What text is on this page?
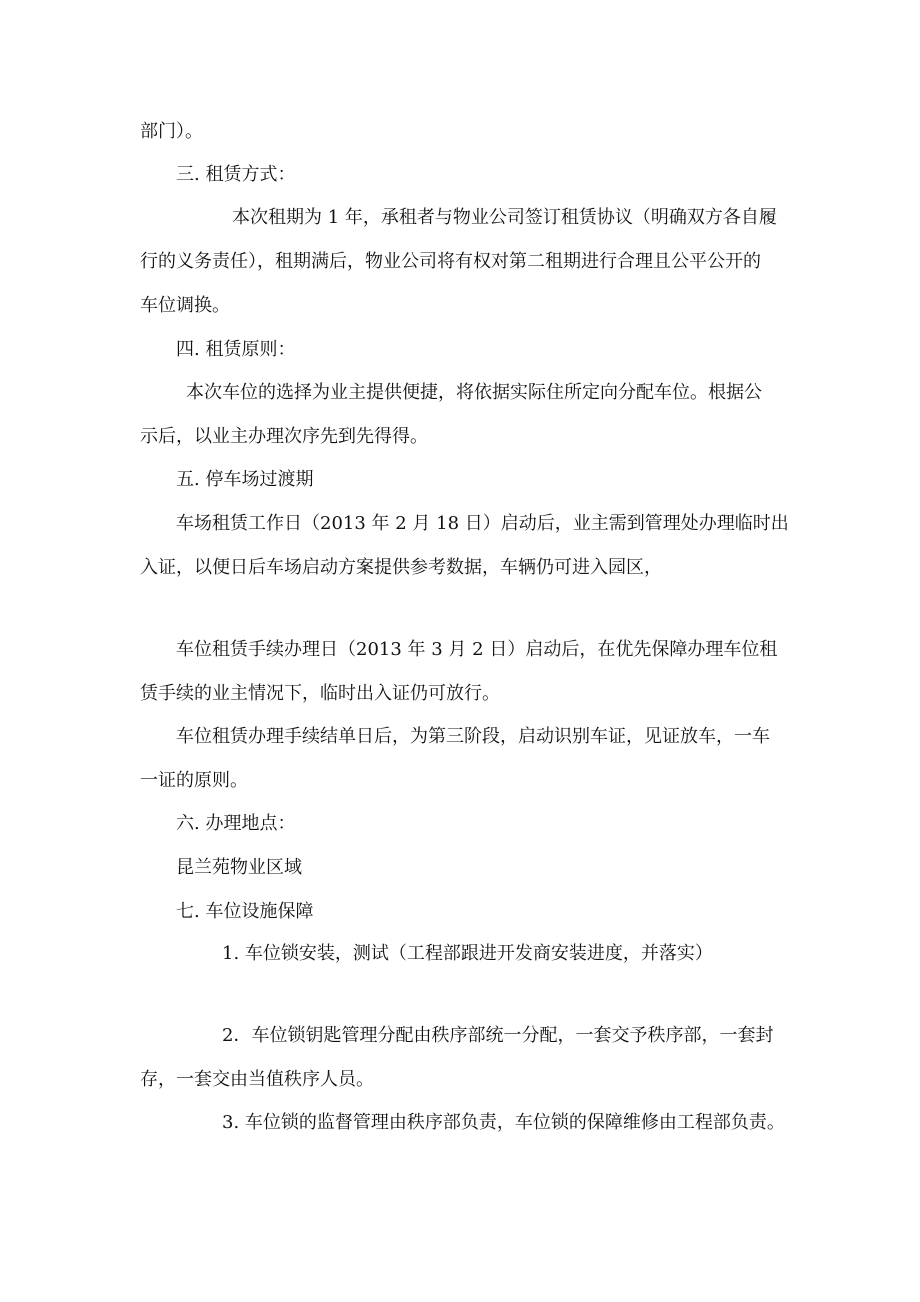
部门）。
三. 租赁方式：
本次租期为 1 年，承租者与物业公司签订租赁协议（明确双方各自履
行的义务责任），租期满后，物业公司将有权对第二租期进行合理且公平公开的
车位调换。
四. 租赁原则：
本次车位的选择为业主提供便捷，将依据实际住所定向分配车位。根据公
示后，以业主办理次序先到先得得。
五. 停车场过渡期
车场租赁工作日（2013 年 2 月 18 日）启动后，业主需到管理处办理临时出
入证，以便日后车场启动方案提供参考数据，车辆仍可进入园区，
车位租赁手续办理日（2013 年 3 月 2 日）启动后，在优先保障办理车位租
赁手续的业主情况下，临时出入证仍可放行。
车位租赁办理手续结单日后，为第三阶段，启动识别车证，见证放车，一车
一证的原则。
六. 办理地点：
昆兰苑物业区域
七. 车位设施保障
1. 车位锁安装，测试（工程部跟进开发商安装进度，并落实）
2．车位锁钥匙管理分配由秩序部统一分配，一套交予秩序部，一套封
存，一套交由当值秩序人员。
3. 车位锁的监督管理由秩序部负责，车位锁的保障维修由工程部负责。
